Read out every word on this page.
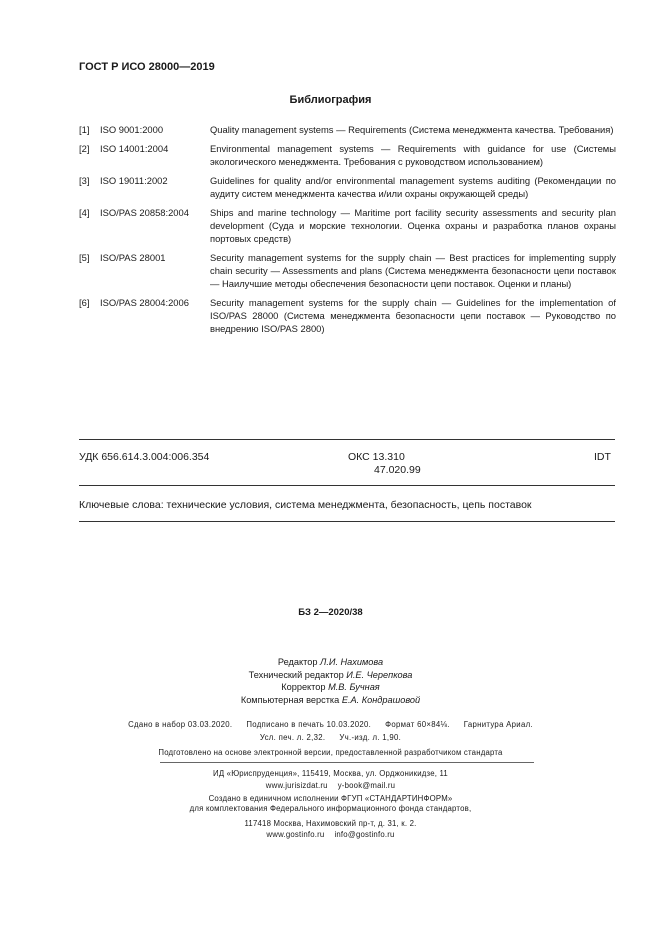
ГОСТ Р ИСО 28000—2019
Библиография
[1]	ISO 9001:2000	Quality management systems — Requirements (Система менеджмента качества. Требования)
[2]	ISO 14001:2004	Environmental management systems — Requirements with guidance for use (Системы экологического менеджмента. Требования с руководством использованием)
[3]	ISO 19011:2002	Guidelines for quality and/or environmental management systems auditing (Рекомендации по аудиту систем менеджмента качества и/или охраны окружающей среды)
[4]	ISO/PAS 20858:2004	Ships and marine technology — Maritime port facility security assessments and security plan development (Суда и морские технологии. Оценка охраны и разработка планов охраны портовых средств)
[5]	ISO/PAS 28001	Security management systems for the supply chain — Best practices for implementing supply chain security — Assessments and plans (Система менеджмента безопасности цепи поставок — Наилучшие методы обеспечения безопасности цепи поставок. Оценки и планы)
[6]	ISO/PAS 28004:2006	Security management systems for the supply chain — Guidelines for the implementation of ISO/PAS 28000 (Система менеджмента безопасности цепи поставок — Руководство по внедрению ISO/PAS 2800)
УДК 656.614.3.004:006.354	ОКС 13.310
47.020.99
IDT
Ключевые слова: технические условия, система менеджмента, безопасность, цепь поставок
БЗ 2—2020/38
Редактор Л.И. Нахимова
Технический редактор И.Е. Черепкова
Корректор М.В. Бучная
Компьютерная верстка Е.А. Кондрашовой
Сдано в набор 03.03.2020. Подписано в печать 10.03.2020. Формат 60×84⅛. Гарнитура Ариал.
Усл. печ. л. 2,32. Уч.-изд. л. 1,90.
Подготовлено на основе электронной версии, предоставленной разработчиком стандарта
ИД «Юриспруденция», 115419, Москва, ул. Орджоникидзе, 11
www.jurisizdat.ru y-book@mail.ru
Создано в единичном исполнении ФГУП «СТАНДАРТИНФОРМ»
для комплектования Федерального информационного фонда стандартов,
117418 Москва, Нахимовский пр-т, д. 31, к. 2.
www.gostinfo.ru info@gostinfo.ru
